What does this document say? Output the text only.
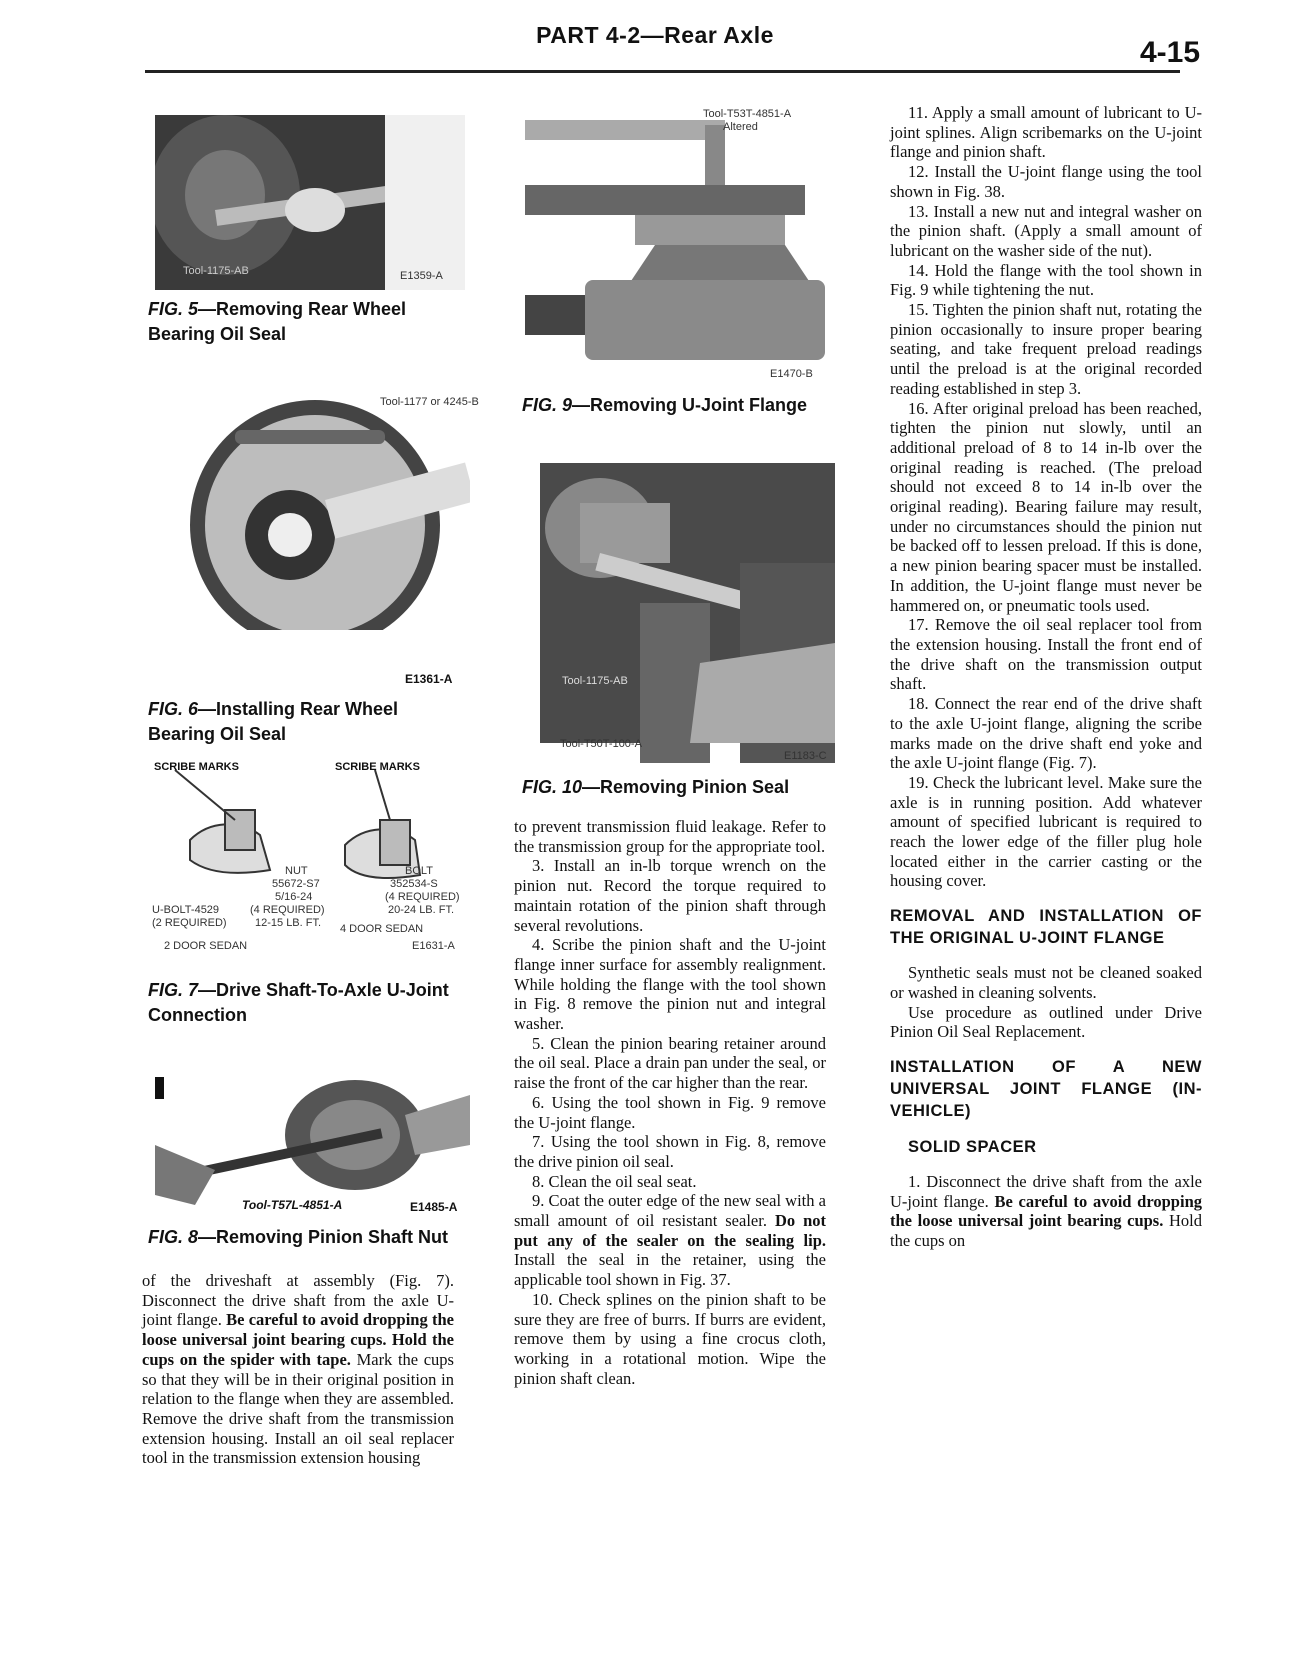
PART 4-2—Rear Axle
4-15
Tool-1175-AB	E1359-A
FIG. 5—Removing Rear Wheel Bearing Oil Seal
Tool-1177 or 4245-B
E1361-A
FIG. 6—Installing Rear Wheel Bearing Oil Seal
SCRIBE MARKS	SCRIBE MARKS
NUT
55672-S7
5/16-24
(4 REQUIRED)
12-15 LB. FT.
BOLT
352534-S
(4 REQUIRED)
20-24 LB. FT.
U-BOLT-4529
(2 REQUIRED)	4 DOOR SEDAN
2 DOOR SEDAN	E1631-A
FIG. 7—Drive Shaft-To-Axle U-Joint Connection
Tool-T57L-4851-A	E1485-A
FIG. 8—Removing Pinion Shaft Nut

of the driveshaft at assembly (Fig. 7). Disconnect the drive shaft from the axle U-joint flange. Be careful to avoid dropping the loose universal joint bearing cups. Hold the cups on the spider with tape. Mark the cups so that they will be in their original position in relation to the flange when they are assembled. Remove the drive shaft from the transmission extension housing. Install an oil seal replacer tool in the transmission extension housing

Tool-T53T-4851-A
Altered
E1470-B
FIG. 9—Removing U-Joint Flange
Tool-1175-AB
Tool-T50T-100-A
E1183-C
FIG. 10—Removing Pinion Seal

to prevent transmission fluid leakage. Refer to the transmission group for the appropriate tool.

3. Install an in-lb torque wrench on the pinion nut. Record the torque required to maintain rotation of the pinion shaft through several revolutions.

4. Scribe the pinion shaft and the U-joint flange inner surface for assembly realignment. While holding the flange with the tool shown in Fig. 8 remove the pinion nut and integral washer.

5. Clean the pinion bearing retainer around the oil seal. Place a drain pan under the seal, or raise the front of the car higher than the rear.

6. Using the tool shown in Fig. 9 remove the U-joint flange.

7. Using the tool shown in Fig. 8, remove the drive pinion oil seal.

8. Clean the oil seal seat.

9. Coat the outer edge of the new seal with a small amount of oil resistant sealer. Do not put any of the sealer on the sealing lip. Install the seal in the retainer, using the applicable tool shown in Fig. 37.

10. Check splines on the pinion shaft to be sure they are free of burrs. If burrs are evident, remove them by using a fine crocus cloth, working in a rotational motion. Wipe the pinion shaft clean.

11. Apply a small amount of lubricant to U-joint splines. Align scribemarks on the U-joint flange and pinion shaft.

12. Install the U-joint flange using the tool shown in Fig. 38.

13. Install a new nut and integral washer on the pinion shaft. (Apply a small amount of lubricant on the washer side of the nut).

14. Hold the flange with the tool shown in Fig. 9 while tightening the nut.

15. Tighten the pinion shaft nut, rotating the pinion occasionally to insure proper bearing seating, and take frequent preload readings until the preload is at the original recorded reading established in step 3.

16. After original preload has been reached, tighten the pinion nut slowly, until an additional preload of 8 to 14 in-lb over the original reading is reached. (The preload should not exceed 8 to 14 in-lb over the original reading). Bearing failure may result, under no circumstances should the pinion nut be backed off to lessen preload. If this is done, a new pinion bearing spacer must be installed. In addition, the U-joint flange must never be hammered on, or pneumatic tools used.

17. Remove the oil seal replacer tool from the extension housing. Install the front end of the drive shaft on the transmission output shaft.

18. Connect the rear end of the drive shaft to the axle U-joint flange, aligning the scribe marks made on the drive shaft end yoke and the axle U-joint flange (Fig. 7).

19. Check the lubricant level. Make sure the axle is in running position. Add whatever amount of specified lubricant is required to reach the lower edge of the filler plug hole located either in the carrier casting or the housing cover.

REMOVAL AND INSTALLATION OF THE ORIGINAL U-JOINT FLANGE

Synthetic seals must not be cleaned soaked or washed in cleaning solvents.

Use procedure as outlined under Drive Pinion Oil Seal Replacement.

INSTALLATION OF A NEW UNIVERSAL JOINT FLANGE (IN-VEHICLE)
SOLID SPACER

1. Disconnect the drive shaft from the axle U-joint flange. Be careful to avoid dropping the loose universal joint bearing cups. Hold the cups on
